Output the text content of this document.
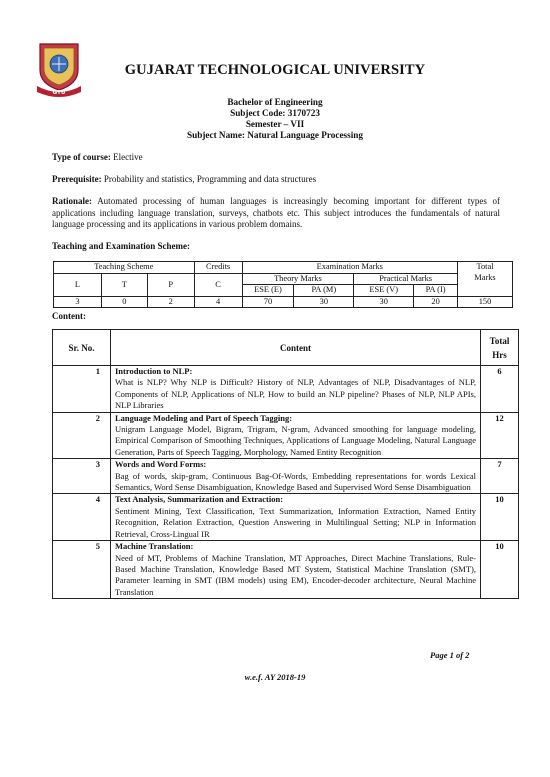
GTU
GUJARAT TECHNOLOGICAL UNIVERSITY
Bachelor of Engineering
Subject Code: 3170723
Semester – VII
Subject Name: Natural Language Processing
Type of course: Elective
Prerequisite: Probability and statistics, Programming and data structures
Rationale: Automated processing of human languages is increasingly becoming important for different types of applications including language translation, surveys, chatbots etc. This subject introduces the fundamentals of natural language processing and its applications in various problem domains.
Teaching and Examination Scheme:
Teaching Scheme			Credits	Examination Marks				Total
L	T	P	C	Theory Marks		Practical Marks		Marks
				ESE (E)	PA (M)	ESE (V)	PA (I)	
3	0	2	4	70	30	30	20	150
Content:
Sr. No.	Content	Total
Hrs
1	Introduction to NLP:
What is NLP? Why NLP is Difficult? History of NLP, Advantages of NLP, Disadvantages of NLP, Components of NLP, Applications of NLP, How to build an NLP pipeline? Phases of NLP, NLP APIs, NLP Libraries	6
2	Language Modeling and Part of Speech Tagging:
Unigram Language Model, Bigram, Trigram, N-gram, Advanced smoothing for language modeling, Empirical Comparison of Smoothing Techniques, Applications of Language Modeling, Natural Language Generation, Parts of Speech Tagging, Morphology, Named Entity Recognition	12
3	Words and Word Forms:
Bag of words, skip-gram, Continuous Bag-Of-Words, Embedding representations for words Lexical Semantics, Word Sense Disambiguation, Knowledge Based and Supervised Word Sense Disambiguation	7
4	Text Analysis, Summarization and Extraction:
Sentiment Mining, Text Classification, Text Summarization, Information Extraction, Named Entity Recognition, Relation Extraction, Question Answering in Multilingual Setting; NLP in Information Retrieval, Cross-Lingual IR	10
5	Machine Translation:
Need of MT, Problems of Machine Translation, MT Approaches, Direct Machine Translations, Rule-Based Machine Translation, Knowledge Based MT System, Statistical Machine Translation (SMT), Parameter learning in SMT (IBM models) using EM), Encoder-decoder architecture, Neural Machine Translation	10
Page 1 of 2
w.e.f. AY 2018-19
